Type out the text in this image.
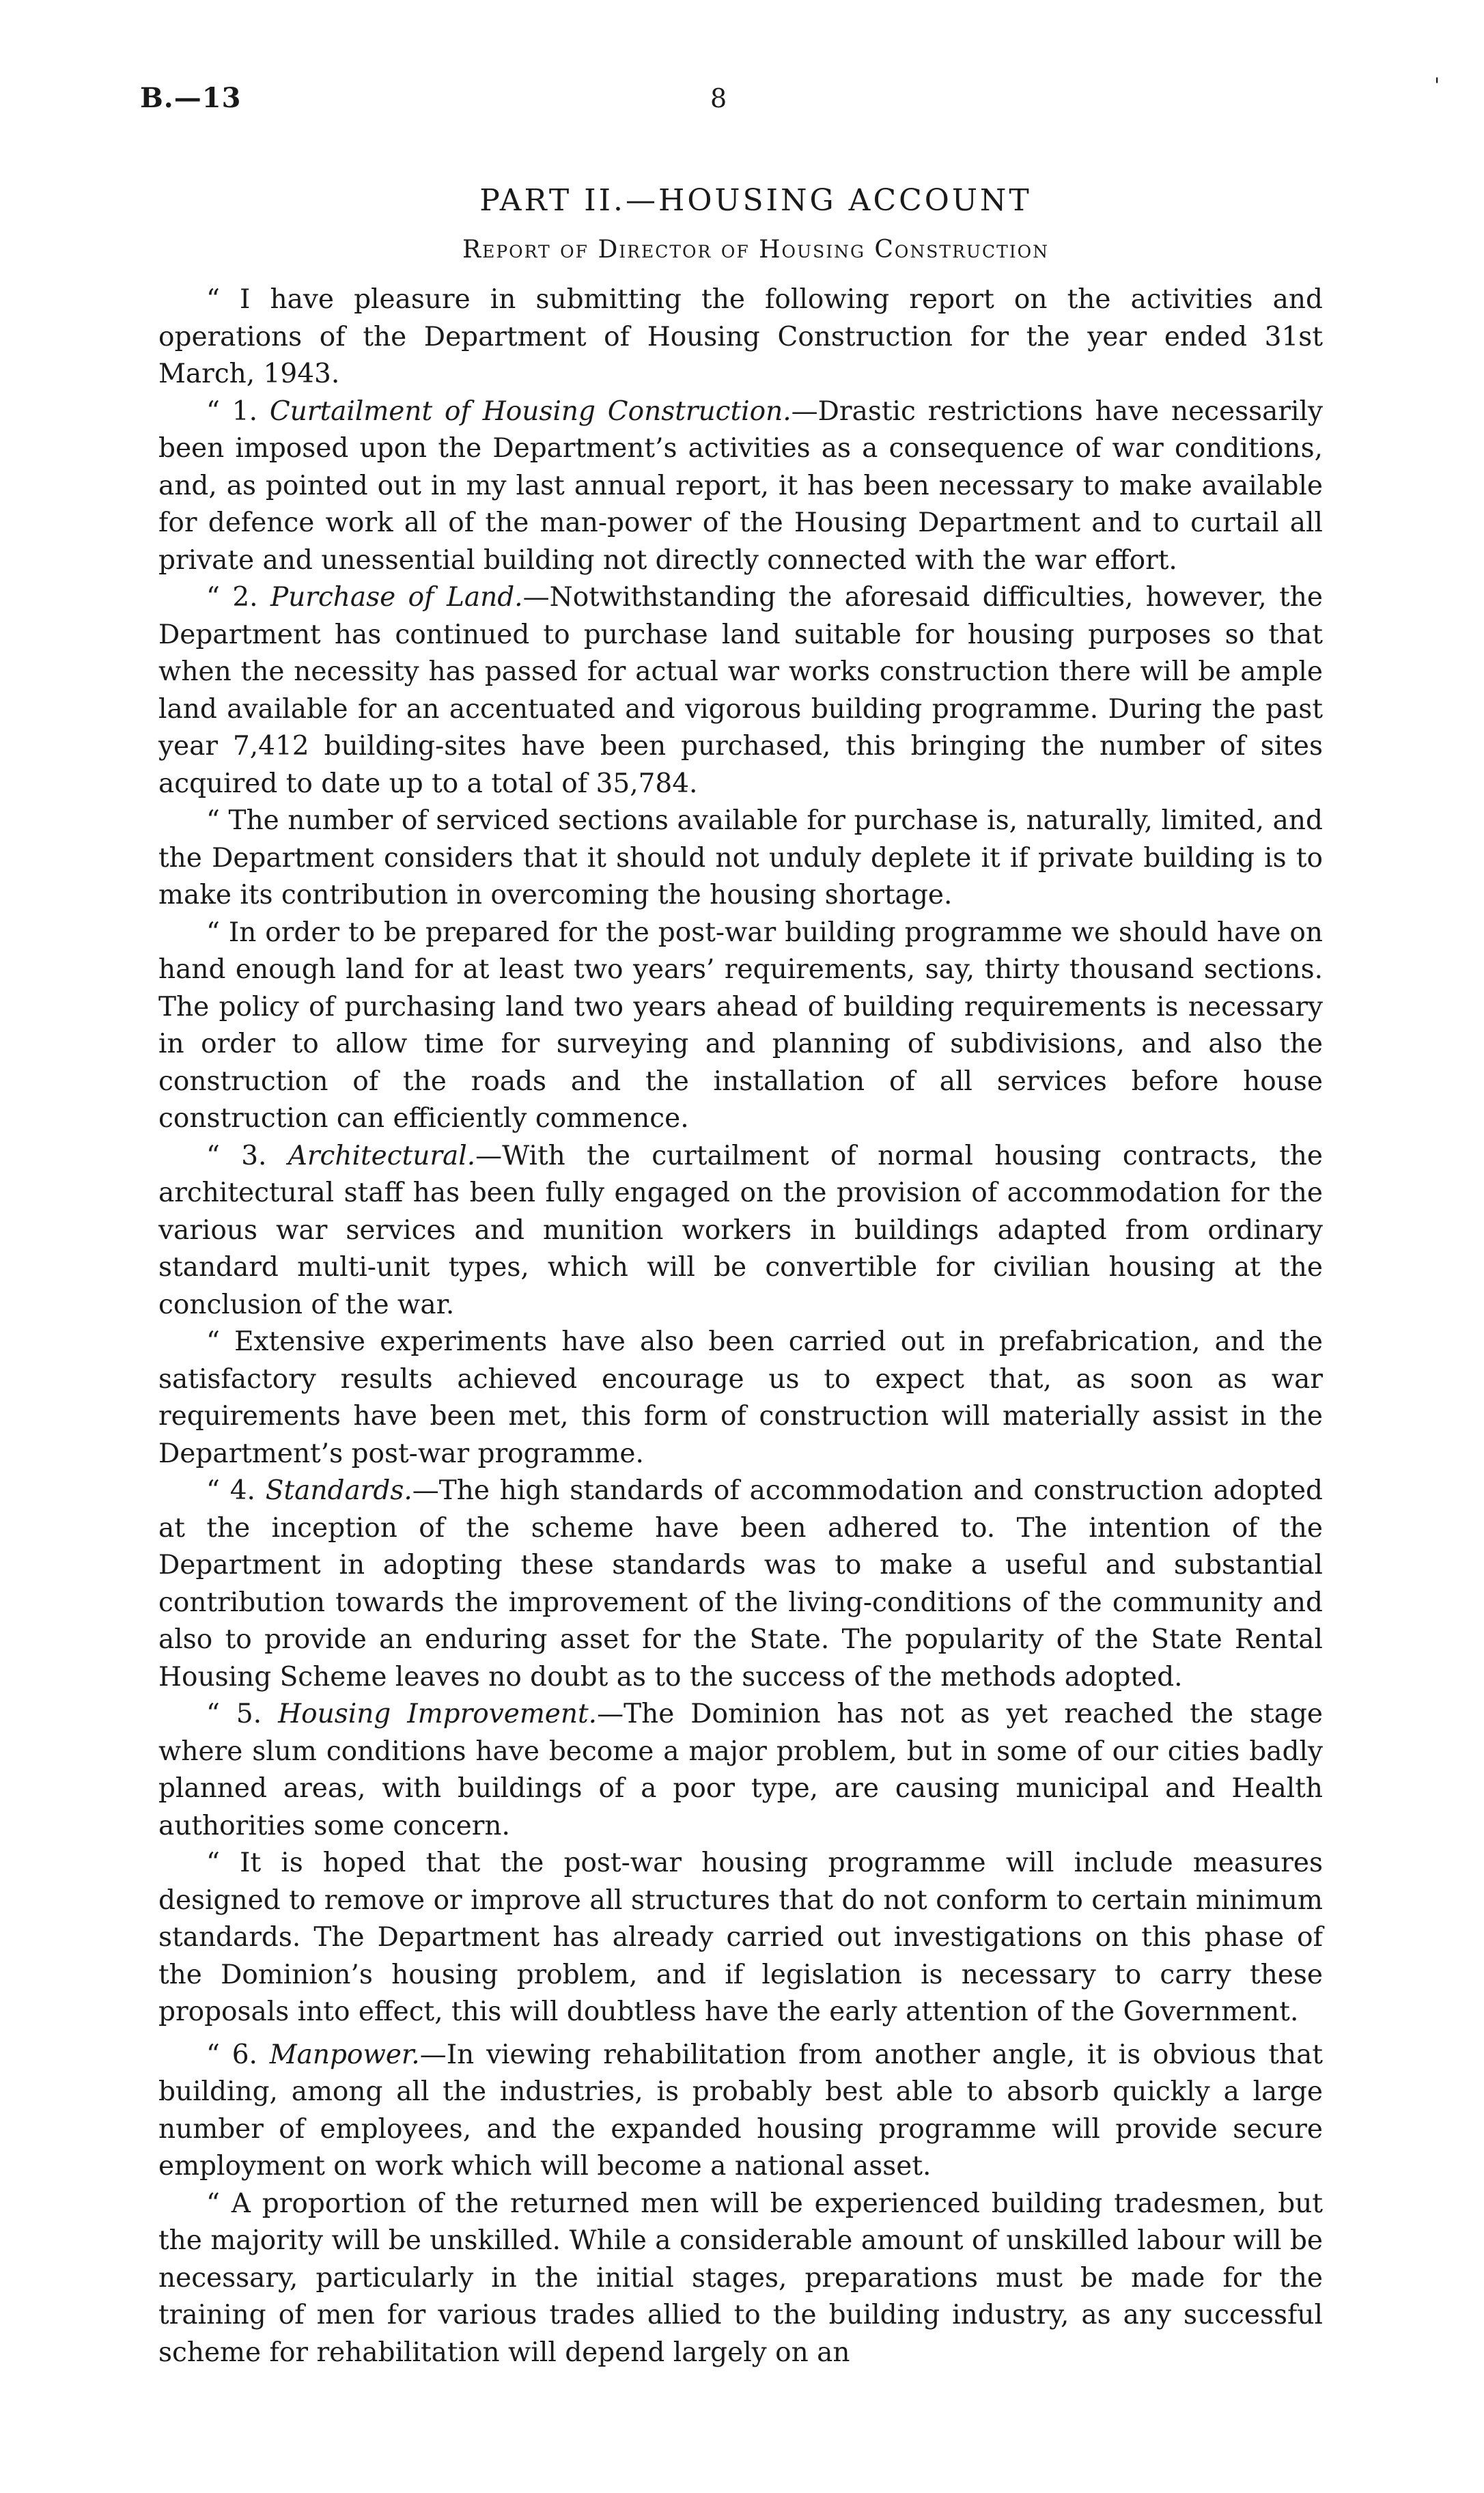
B.—13	8	'
PART II.—HOUSING ACCOUNT
Report of Director of Housing Construction

“ I have pleasure in submitting the following report on the activities and operations of the Department of Housing Construction for the year ended 31st March, 1943.

“ 1. Curtailment of Housing Construction.—Drastic restrictions have necessarily been imposed upon the Department’s activities as a consequence of war conditions, and, as pointed out in my last annual report, it has been necessary to make available for defence work all of the man-power of the Housing Department and to curtail all private and unessential building not directly connected with the war effort.

“ 2. Purchase of Land.—Notwithstanding the aforesaid difficulties, however, the Department has continued to purchase land suitable for housing purposes so that when the necessity has passed for actual war works construction there will be ample land available for an accentuated and vigorous building programme. During the past year 7,412 building-sites have been purchased, this bringing the number of sites acquired to date up to a total of 35,784.

“ The number of serviced sections available for purchase is, naturally, limited, and the Department considers that it should not unduly deplete it if private building is to make its contribution in overcoming the housing shortage.

“ In order to be prepared for the post-war building programme we should have on hand enough land for at least two years’ requirements, say, thirty thousand sections. The policy of purchasing land two years ahead of building requirements is necessary in order to allow time for surveying and planning of subdivisions, and also the construction of the roads and the installation of all services before house construction can efficiently commence.

“ 3. Architectural.—With the curtailment of normal housing contracts, the architectural staff has been fully engaged on the provision of accommodation for the various war services and munition workers in buildings adapted from ordinary standard multi-unit types, which will be convertible for civilian housing at the conclusion of the war.

“ Extensive experiments have also been carried out in prefabrication, and the satisfactory results achieved encourage us to expect that, as soon as war requirements have been met, this form of construction will materially assist in the Department’s post-war programme.

“ 4. Standards.—The high standards of accommodation and construction adopted at the inception of the scheme have been adhered to. The intention of the Department in adopting these standards was to make a useful and substantial contribution towards the improvement of the living-conditions of the community and also to provide an enduring asset for the State. The popularity of the State Rental Housing Scheme leaves no doubt as to the success of the methods adopted.

“ 5. Housing Improvement.—The Dominion has not as yet reached the stage where slum conditions have become a major problem, but in some of our cities badly planned areas, with buildings of a poor type, are causing municipal and Health authorities some concern.

“ It is hoped that the post-war housing programme will include measures designed to remove or improve all structures that do not conform to certain minimum standards. The Department has already carried out investigations on this phase of the Dominion’s housing problem, and if legislation is necessary to carry these proposals into effect, this will doubtless have the early attention of the Government.

“ 6. Manpower.—In viewing rehabilitation from another angle, it is obvious that building, among all the industries, is probably best able to absorb quickly a large number of employees, and the expanded housing programme will provide secure employment on work which will become a national asset.

“ A proportion of the returned men will be experienced building tradesmen, but the majority will be unskilled. While a considerable amount of unskilled labour will be necessary, particularly in the initial stages, preparations must be made for the training of men for various trades allied to the building industry, as any successful scheme for rehabilitation will depend largely on an
